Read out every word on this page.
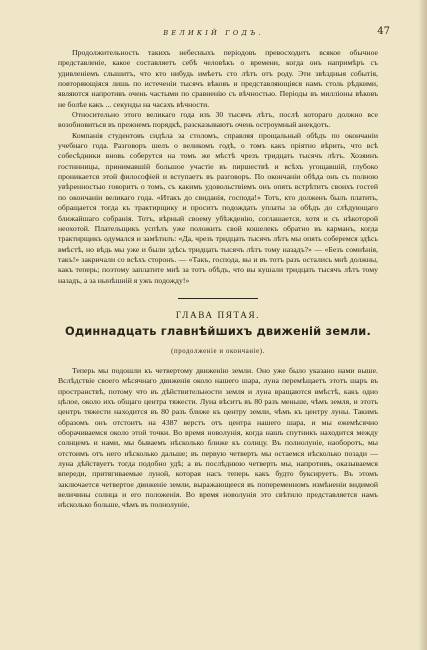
ВЕЛИКІЙ ГОДЪ.	47

Продолжительность такихъ небесныхъ періодовъ превосходитъ всякое обычное представленіе, какое составляетъ себѣ человѣкъ о времени, когда онъ напримѣръ съ удивленіемъ слышитъ, что кто нибудь имѣетъ сто лѣтъ отъ роду. Эти звѣздныя событія, повторяющіяся лишь по истеченіи тысячъ вѣковъ и представляющіяся намъ столь рѣдкими, являются напротивъ очень частыми по сравненію съ вѣчностью. Періоды въ милліоны вѣковъ не болѣе какъ ... секунды на часахъ вѣчности.

Относительно этого великаго года изъ 30 тысячъ лѣтъ, послѣ котораго должно все возобновиться въ прежнемъ порядкѣ, разсказываютъ очень остроумный анекдотъ.

Компанія студентовъ сидѣла за столомъ, справляя прощальный обѣдъ по окончаніи учебнаго года. Разговоръ шелъ о великомъ годѣ, о томъ какъ пріятно вѣрить, что всѣ собесѣдники вновь соберутся на томъ же мѣстѣ чрезъ тридцать тысячъ лѣтъ. Хозяинъ гостинницы, принимавшій большое участіе въ пиршествѣ и всѣхъ угощавшій, глубоко проникается этой философіей и вступаетъ въ разговоръ. По окончаніи обѣда онъ съ полною увѣренностью говоритъ о томъ, съ какимъ удовольствіемъ онъ опять встрѣтитъ своихъ гостей по окончаніи великаго года. «Итакъ до свиданія, господа!» Тотъ, кто долженъ былъ платить, обращается тогда къ трактирщику и проситъ подождать уплаты за обѣдъ до слѣдующаго ближайшаго собранія. Тотъ, вѣрный своему убѣжденію, соглашается, хотя и съ нѣкоторой неохотой. Плательщикъ успѣлъ уже положить свой кошелекъ обратно въ карманъ, когда трактирщикъ одумался и замѣтилъ: «Да, чрезъ тридцать тысячъ лѣтъ мы опять соберемся здѣсь вмѣстѣ, но вѣдь мы уже и были здѣсь тридцать тысячъ лѣтъ тому назадъ?» — «Безъ сомнѣнія, такъ!» закричали со всѣхъ сторонъ. — «Такъ, господа, вы и въ тотъ разъ остались мнѣ должны, какъ теперь; поэтому заплатите мнѣ за тотъ обѣдъ, что вы кушали тридцать тысячъ лѣтъ тому назадъ, а за нынѣшній я ужъ подожду!»

ГЛАВА ПЯТАЯ.
Одиннадцать главнѣйшихъ движеній земли.
(продолженіе и окончаніе).

Теперь мы подошли къ четвертому движенію земли. Оно уже было указано нами выше. Вслѣдствіе своего мѣсячнаго движенія около нашего шара, луна перемѣщаетъ этотъ шаръ въ пространствѣ, потому что въ дѣйствительности земля и луна вращаются вмѣстѣ, какъ одно цѣлое, около ихъ общаго центра тяжести. Луна вѣситъ въ 80 разъ меньше, чѣмъ земля, и этотъ центръ тяжести находится въ 80 разъ ближе къ центру земли, чѣмъ къ центру луны. Такимъ образомъ онъ отстоитъ на 4387 верстъ отъ центра нашего шара, и мы ежемѣсячно оборачиваемся около этой точки. Во время новолунія, когда нашъ спутникъ находится между солнцемъ и нами, мы бываемъ нѣсколько ближе къ солнцу. Въ полнолуніе, наоборотъ, мы отстоимъ отъ него нѣсколько дальше; въ первую четверть мы остаемся нѣсколько позади — луна дѣйствуетъ тогда подобно удѣ; а въ послѣднюю четверть мы, напротивъ, оказываемся впереди, притягиваемые луной, которая насъ теперь какъ будто буксируетъ. Въ этомъ заключается четвертое движеніе земли, выражающееся въ попеременномъ измѣненіи видимой величины солнца и его положенія. Во время новолунія это свѣтило представляется намъ нѣсколько больше, чѣмъ въ полнолуніе,
